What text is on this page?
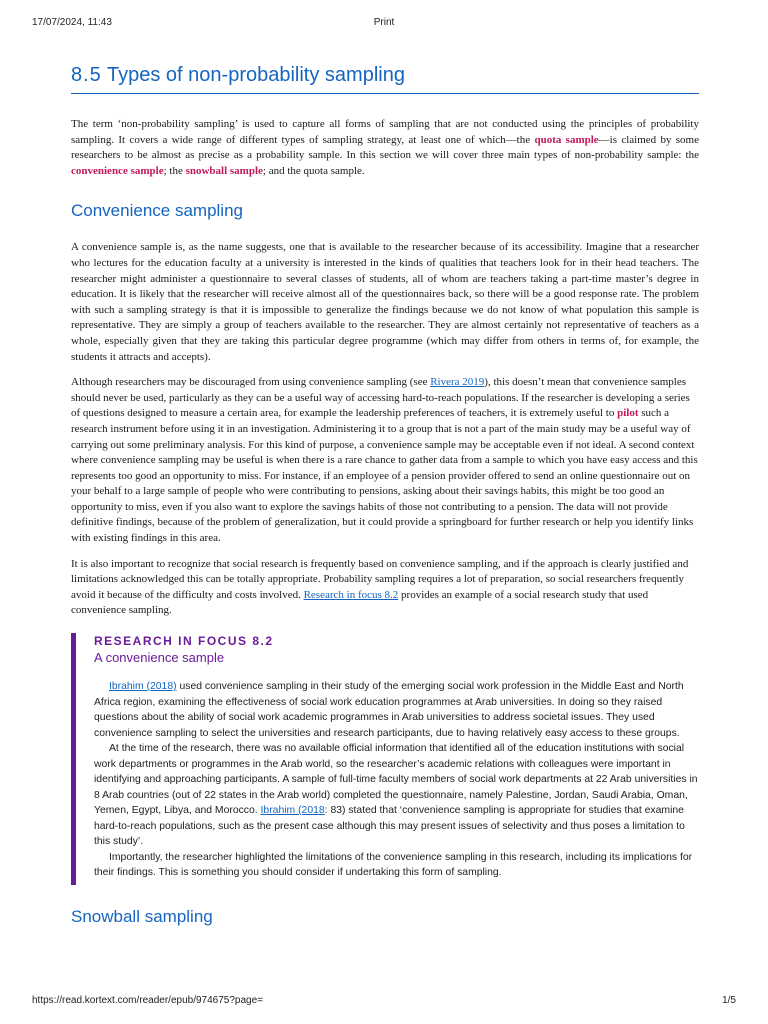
17/07/2024, 11:43	Print
8.5 Types of non-probability sampling

The term ‘non-probability sampling’ is used to capture all forms of sampling that are not conducted using the principles of probability sampling. It covers a wide range of different types of sampling strategy, at least one of which—the quota sample—is claimed by some researchers to be almost as precise as a probability sample. In this section we will cover three main types of non-probability sample: the convenience sample; the snowball sample; and the quota sample.

Convenience sampling

A convenience sample is, as the name suggests, one that is available to the researcher because of its accessibility. Imagine that a researcher who lectures for the education faculty at a university is interested in the kinds of qualities that teachers look for in their head teachers. The researcher might administer a questionnaire to several classes of students, all of whom are teachers taking a part-time master’s degree in education. It is likely that the researcher will receive almost all of the questionnaires back, so there will be a good response rate. The problem with such a sampling strategy is that it is impossible to generalize the findings because we do not know of what population this sample is representative. They are simply a group of teachers available to the researcher. They are almost certainly not representative of teachers as a whole, especially given that they are taking this particular degree programme (which may differ from others in terms of, for example, the students it attracts and accepts).

Although researchers may be discouraged from using convenience sampling (see Rivera 2019), this doesn’t mean that convenience samples should never be used, particularly as they can be a useful way of accessing hard-to-reach populations. If the researcher is developing a series of questions designed to measure a certain area, for example the leadership preferences of teachers, it is extremely useful to pilot such a research instrument before using it in an investigation. Administering it to a group that is not a part of the main study may be a useful way of carrying out some preliminary analysis. For this kind of purpose, a convenience sample may be acceptable even if not ideal. A second context where convenience sampling may be useful is when there is a rare chance to gather data from a sample to which you have easy access and this represents too good an opportunity to miss. For instance, if an employee of a pension provider offered to send an online questionnaire out on your behalf to a large sample of people who were contributing to pensions, asking about their savings habits, this might be too good an opportunity to miss, even if you also want to explore the savings habits of those not contributing to a pension. The data will not provide definitive findings, because of the problem of generalization, but it could provide a springboard for further research or help you identify links with existing findings in this area.

It is also important to recognize that social research is frequently based on convenience sampling, and if the approach is clearly justified and limitations acknowledged this can be totally appropriate. Probability sampling requires a lot of preparation, so social researchers frequently avoid it because of the difficulty and costs involved. Research in focus 8.2 provides an example of a social research study that used convenience sampling.

RESEARCH IN FOCUS 8.2
A convenience sample

Ibrahim (2018) used convenience sampling in their study of the emerging social work profession in the Middle East and North Africa region, examining the effectiveness of social work education programmes at Arab universities. In doing so they raised questions about the ability of social work academic programmes in Arab universities to address societal issues. They used convenience sampling to select the universities and research participants, due to having relatively easy access to these groups.

At the time of the research, there was no available official information that identified all of the education institutions with social work departments or programmes in the Arab world, so the researcher’s academic relations with colleagues were important in identifying and approaching participants. A sample of full-time faculty members of social work departments at 22 Arab universities in 8 Arab countries (out of 22 states in the Arab world) completed the questionnaire, namely Palestine, Jordan, Saudi Arabia, Oman, Yemen, Egypt, Libya, and Morocco. Ibrahim (2018: 83) stated that ‘convenience sampling is appropriate for studies that examine hard-to-reach populations, such as the present case although this may present issues of selectivity and thus poses a limitation to this study’.

Importantly, the researcher highlighted the limitations of the convenience sampling in this research, including its implications for their findings. This is something you should consider if undertaking this form of sampling.

Snowball sampling
https://read.kortext.com/reader/epub/974675?page=	1/5
